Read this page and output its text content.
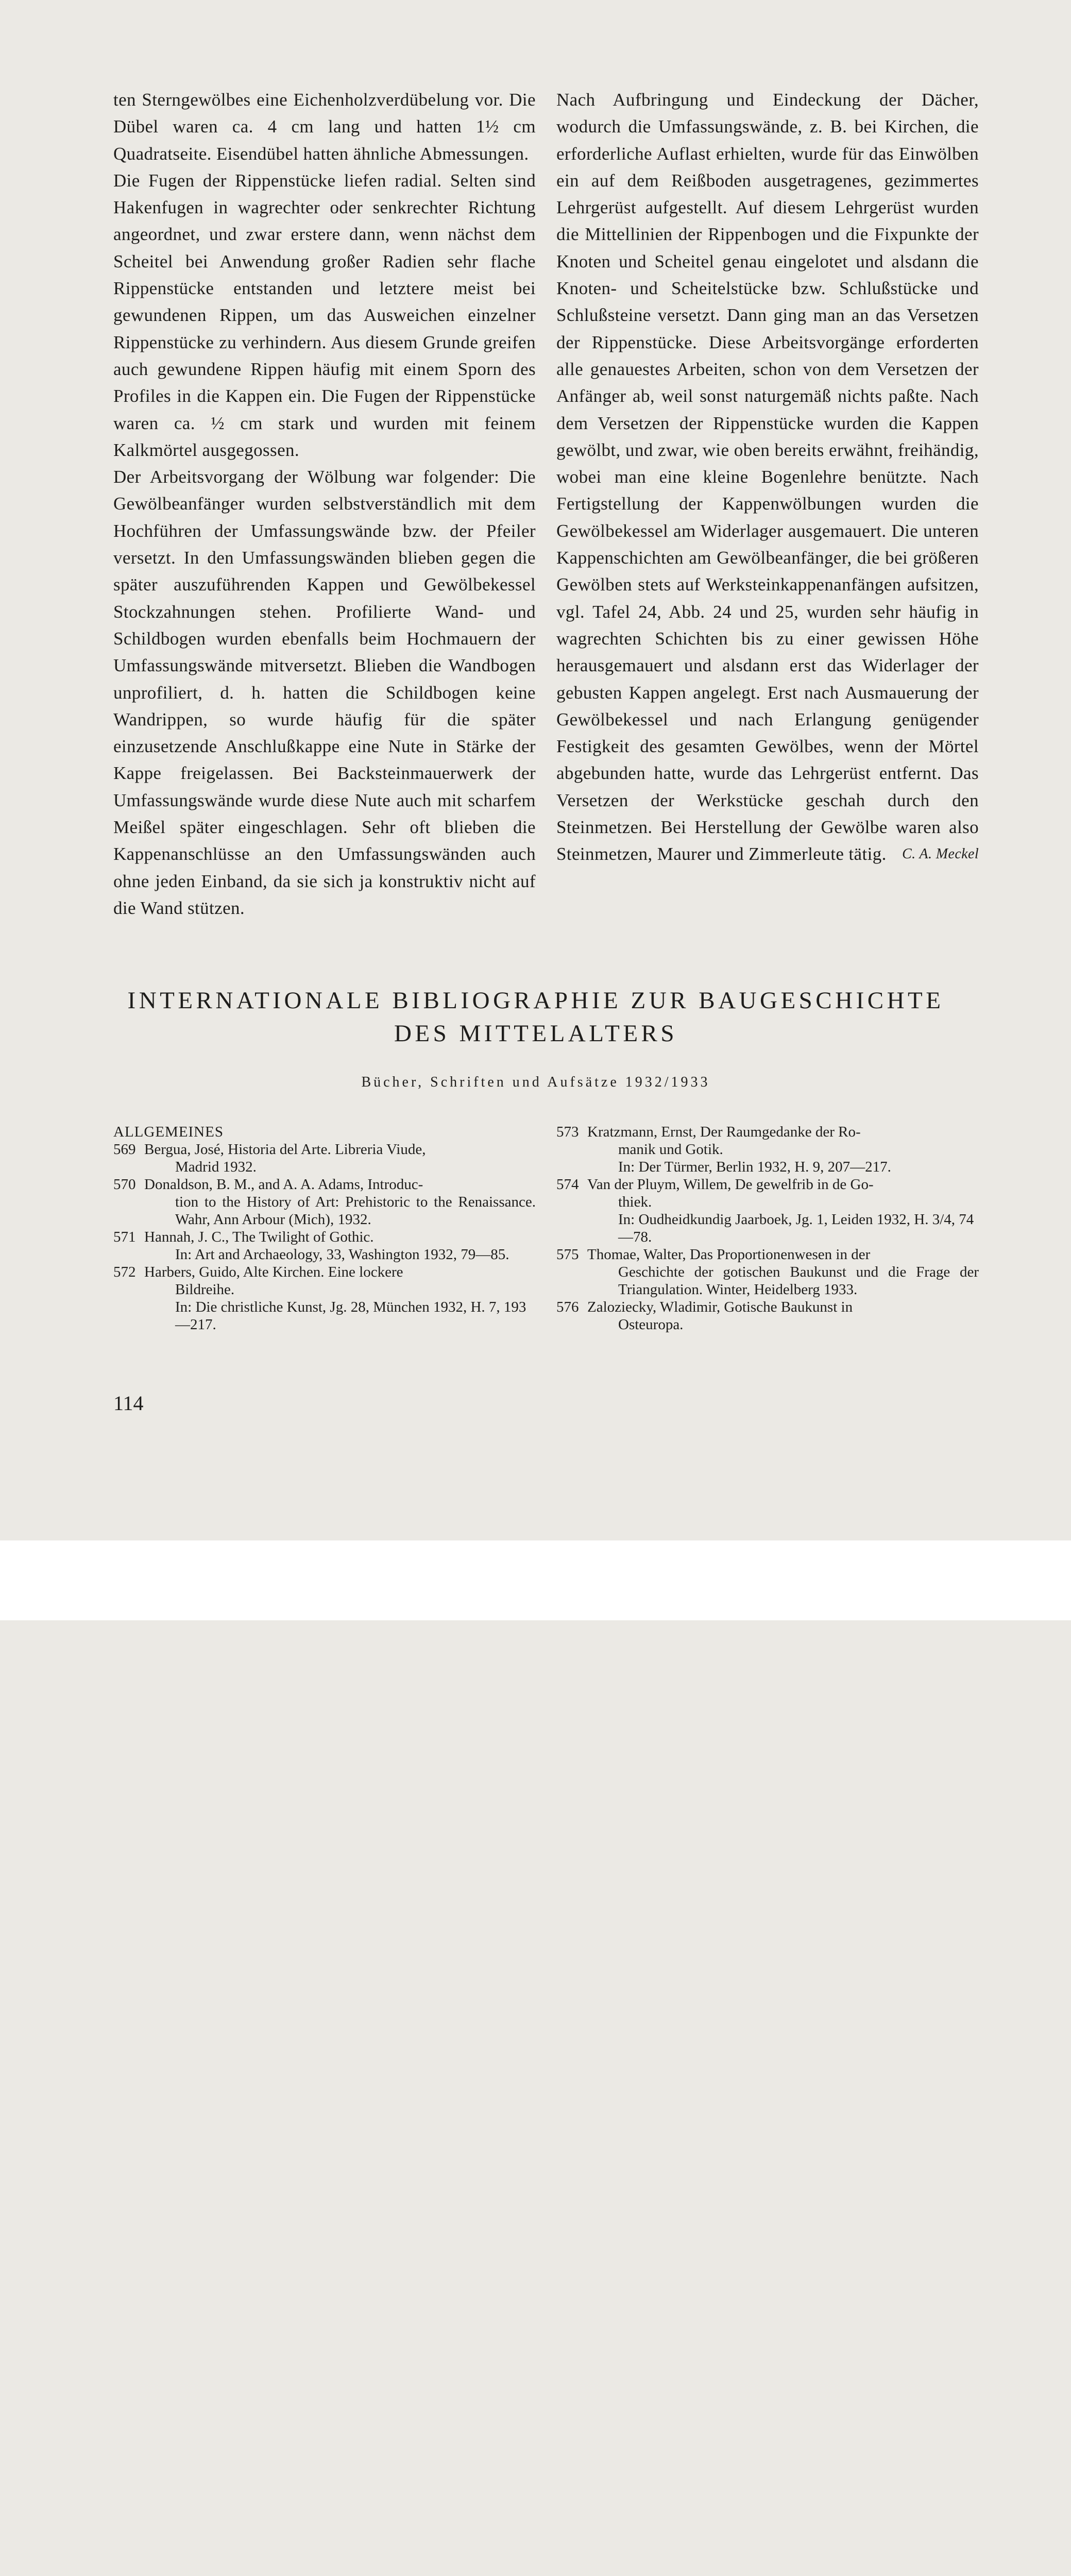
ten Sterngewölbes eine Eichenholzverdübelung vor. Die Dübel waren ca. 4 cm lang und hatten 1½ cm Quadratseite. Eisendübel hatten ähnliche Abmessungen.

Die Fugen der Rippenstücke liefen radial. Selten sind Hakenfugen in wagrechter oder senkrechter Richtung angeordnet, und zwar erstere dann, wenn nächst dem Scheitel bei Anwendung großer Radien sehr flache Rippenstücke entstanden und letztere meist bei gewundenen Rippen, um das Ausweichen einzelner Rippenstücke zu verhindern. Aus diesem Grunde greifen auch gewundene Rippen häufig mit einem Sporn des Profiles in die Kappen ein. Die Fugen der Rippenstücke waren ca. ½ cm stark und wurden mit feinem Kalkmörtel ausgegossen.

Der Arbeitsvorgang der Wölbung war folgender: Die Gewölbeanfänger wurden selbstverständlich mit dem Hochführen der Umfassungswände bzw. der Pfeiler versetzt. In den Umfassungswänden blieben gegen die später auszuführenden Kappen und Gewölbekessel Stockzahnungen stehen. Profilierte Wand- und Schildbogen wurden ebenfalls beim Hochmauern der Umfassungswände mitversetzt. Blieben die Wandbogen unprofiliert, d. h. hatten die Schildbogen keine Wandrippen, so wurde häufig für die später einzusetzende Anschlußkappe eine Nute in Stärke der Kappe freigelassen. Bei Backsteinmauerwerk der Umfassungswände wurde diese Nute auch mit scharfem Meißel später eingeschlagen. Sehr oft blieben die Kappenanschlüsse an den Umfassungswänden auch ohne jeden Einband, da sie sich ja konstruktiv nicht auf die Wand stützen.

Nach Aufbringung und Eindeckung der Dächer, wodurch die Umfassungswände, z. B. bei Kirchen, die erforderliche Auflast erhielten, wurde für das Einwölben ein auf dem Reißboden ausgetragenes, gezimmertes Lehrgerüst aufgestellt. Auf diesem Lehrgerüst wurden die Mittellinien der Rippenbogen und die Fixpunkte der Knoten und Scheitel genau eingelotet und alsdann die Knoten- und Scheitelstücke bzw. Schlußstücke und Schlußsteine versetzt. Dann ging man an das Versetzen der Rippenstücke. Diese Arbeitsvorgänge erforderten alle genauestes Arbeiten, schon von dem Versetzen der Anfänger ab, weil sonst naturgemäß nichts paßte. Nach dem Versetzen der Rippenstücke wurden die Kappen gewölbt, und zwar, wie oben bereits erwähnt, freihändig, wobei man eine kleine Bogenlehre benützte. Nach Fertigstellung der Kappenwölbungen wurden die Gewölbekessel am Widerlager ausgemauert. Die unteren Kappenschichten am Gewölbeanfänger, die bei größeren Gewölben stets auf Werksteinkappenanfängen aufsitzen, vgl. Tafel 24, Abb. 24 und 25, wurden sehr häufig in wagrechten Schichten bis zu einer gewissen Höhe herausgemauert und alsdann erst das Widerlager der gebusten Kappen angelegt. Erst nach Ausmauerung der Gewölbekessel und nach Erlangung genügender Festigkeit des gesamten Gewölbes, wenn der Mörtel abgebunden hatte, wurde das Lehrgerüst entfernt. Das Versetzen der Werkstücke geschah durch den Steinmetzen. Bei Herstellung der Gewölbe waren also Steinmetzen, Maurer und Zimmerleute tätig. C. A. Meckel

INTERNATIONALE BIBLIOGRAPHIE ZUR BAUGESCHICHTE
DES MITTELALTERS
Bücher, Schriften und Aufsätze 1932/1933
ALLGEMEINES
569 Bergua, José, Historia del Arte. Libreria Viude,
Madrid 1932.
570 Donaldson, B. M., and A. A. Adams, Introduc-
tion to the History of Art: Prehistoric to the Renaissance. Wahr, Ann Arbour (Mich), 1932.
571 Hannah, J. C., The Twilight of Gothic.
In: Art and Archaeology, 33, Washington 1932, 79—85.
572 Harbers, Guido, Alte Kirchen. Eine lockere
Bildreihe.
In: Die christliche Kunst, Jg. 28, München 1932, H. 7, 193—217.
573 Kratzmann, Ernst, Der Raumgedanke der Ro-
manik und Gotik.
In: Der Türmer, Berlin 1932, H. 9, 207—217.
574 Van der Pluym, Willem, De gewelfrib in de Go-
thiek.
In: Oudheidkundig Jaarboek, Jg. 1, Leiden 1932, H. 3/4, 74—78.
575 Thomae, Walter, Das Proportionenwesen in der
Geschichte der gotischen Baukunst und die Frage der Triangulation. Winter, Heidelberg 1933.
576 Zaloziecky, Wladimir, Gotische Baukunst in
Osteuropa.
114
